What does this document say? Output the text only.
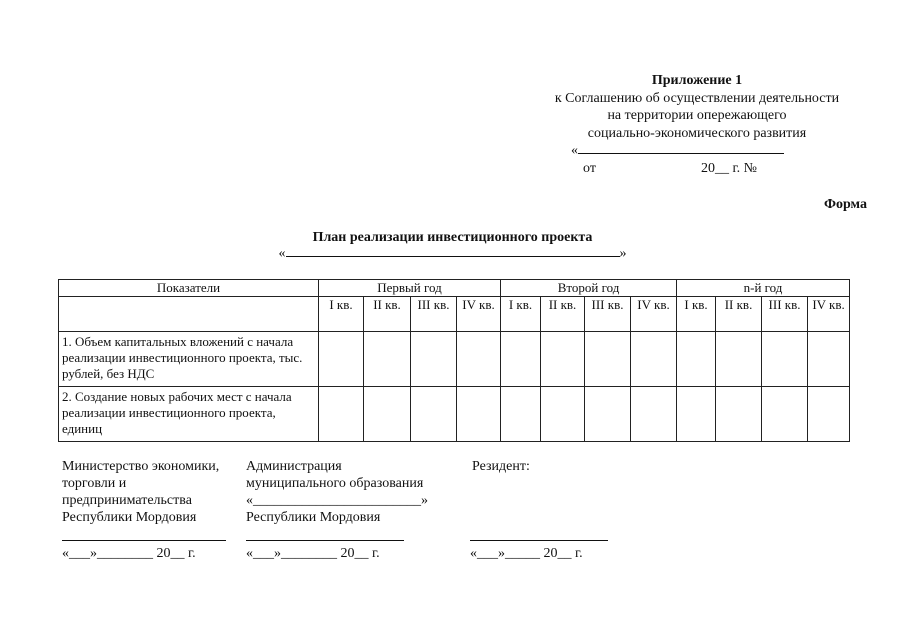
Приложение 1
к Соглашению об осуществлении деятельности
на территории опережающего
социально-экономического развития
«
от	20__ г. №
Форма
План реализации инвестиционного проекта
«	»
Показатели	Первый год				Второй год				n-й год			
	I кв.	II кв.	III кв.	IV кв.	I кв.	II кв.	III кв.	IV кв.	I кв.	II кв.	III кв.	IV кв.
1. Объем капитальных вложений с начала реализации инвестиционного проекта, тыс. рублей, без НДС												
2. Создание новых рабочих мест с начала реализации инвестиционного проекта, единиц												
Министерство экономики,
торговли и
предпринимательства
Республики Мордовия
Администрация
муниципального образования
«________________________»
Республики Мордовия
Резидент:
«___»________ 20__ г.	«___»________ 20__ г.	«___»_____ 20__ г.
